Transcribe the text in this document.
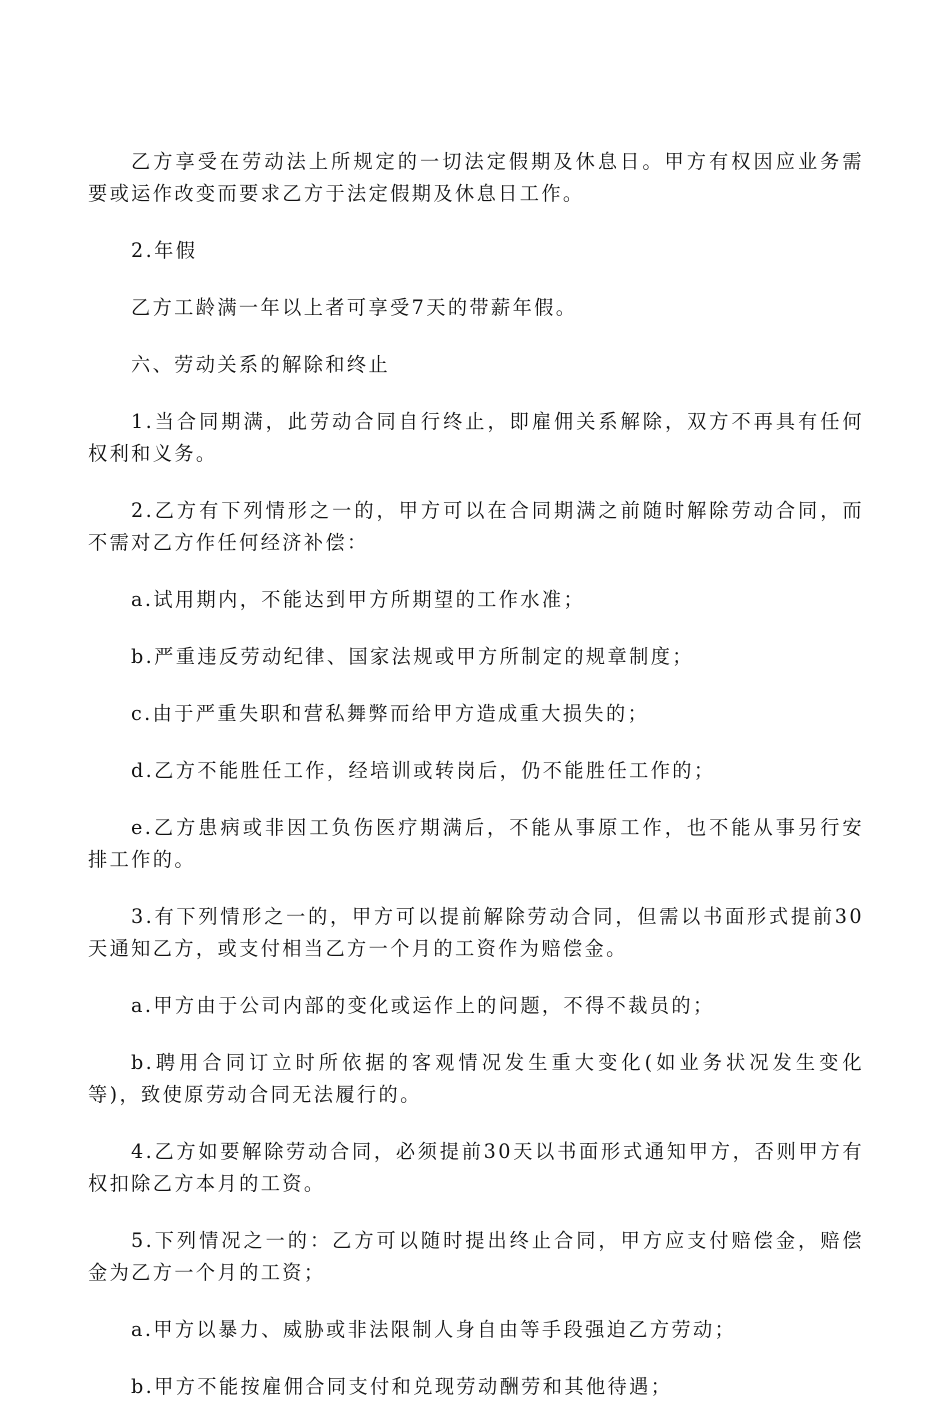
乙方享受在劳动法上所规定的一切法定假期及休息日。甲方有权因应业务需要或运作改变而要求乙方于法定假期及休息日工作。

2.年假

乙方工龄满一年以上者可享受7天的带薪年假。

六、劳动关系的解除和终止

1.当合同期满，此劳动合同自行终止，即雇佣关系解除，双方不再具有任何权利和义务。

2.乙方有下列情形之一的，甲方可以在合同期满之前随时解除劳动合同，而不需对乙方作任何经济补偿：

a.试用期内，不能达到甲方所期望的工作水准；

b.严重违反劳动纪律、国家法规或甲方所制定的规章制度；

c.由于严重失职和营私舞弊而给甲方造成重大损失的；

d.乙方不能胜任工作，经培训或转岗后，仍不能胜任工作的；

e.乙方患病或非因工负伤医疗期满后，不能从事原工作，也不能从事另行安排工作的。

3.有下列情形之一的，甲方可以提前解除劳动合同，但需以书面形式提前30天通知乙方，或支付相当乙方一个月的工资作为赔偿金。

a.甲方由于公司内部的变化或运作上的问题，不得不裁员的；

b.聘用合同订立时所依据的客观情况发生重大变化(如业务状况发生变化等)，致使原劳动合同无法履行的。

4.乙方如要解除劳动合同，必须提前30天以书面形式通知甲方，否则甲方有权扣除乙方本月的工资。

5.下列情况之一的：乙方可以随时提出终止合同，甲方应支付赔偿金，赔偿金为乙方一个月的工资；

a.甲方以暴力、威胁或非法限制人身自由等手段强迫乙方劳动；

b.甲方不能按雇佣合同支付和兑现劳动酬劳和其他待遇；
